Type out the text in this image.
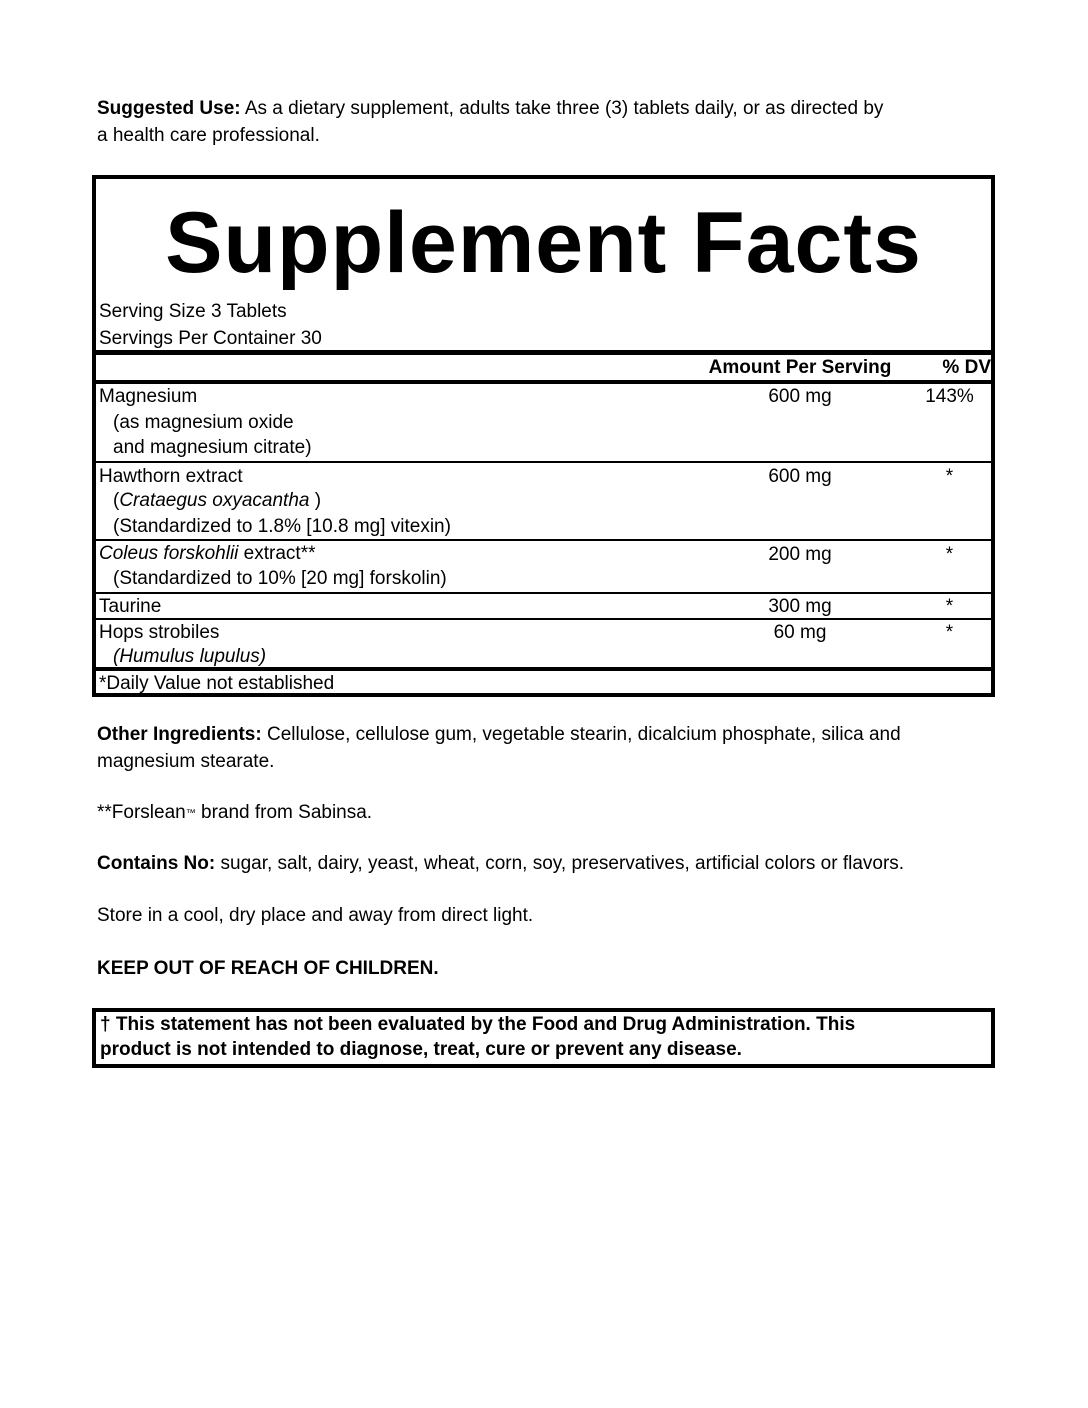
Suggested Use: As a dietary supplement, adults take three (3) tablets daily, or as directed by
a health care professional.

Supplement Facts
Serving Size 3 Tablets
Servings Per Container 30
Amount Per Serving	% DV
Magnesium
(as magnesium oxide
and magnesium citrate)
600 mg	143%
Hawthorn extract
(Crataegus oxyacantha )
(Standardized to 1.8% [10.8 mg] vitexin)
600 mg	*
Coleus forskohlii extract**
(Standardized to 10% [20 mg] forskolin)
200 mg	*
Taurine	300 mg	*
Hops strobiles
(Humulus lupulus)
60 mg	*
*Daily Value not established

Other Ingredients: Cellulose, cellulose gum, vegetable stearin, dicalcium phosphate, silica and
magnesium stearate.

**Forslean™ brand from Sabinsa.

Contains No: sugar, salt, dairy, yeast, wheat, corn, soy, preservatives, artificial colors or flavors.

Store in a cool, dry place and away from direct light.

KEEP OUT OF REACH OF CHILDREN.

† This statement has not been evaluated by the Food and Drug Administration. This
product is not intended to diagnose, treat, cure or prevent any disease.
